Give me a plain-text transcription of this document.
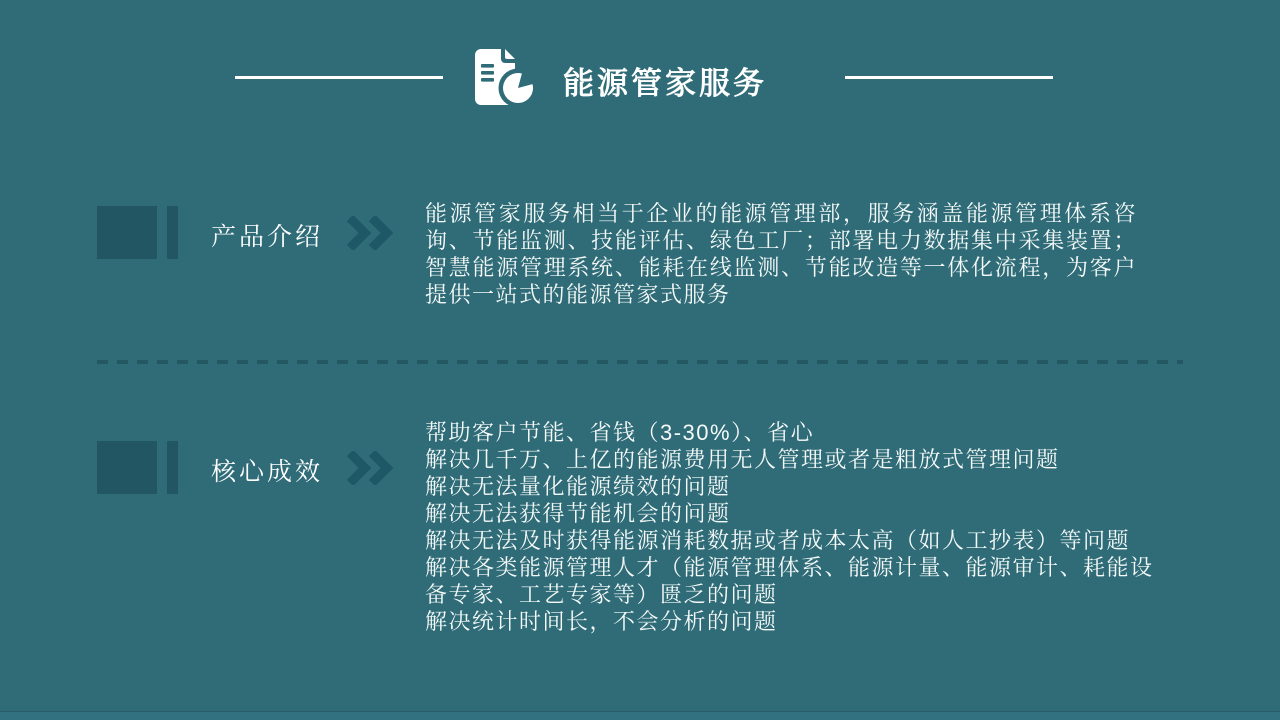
能源管家服务
产品介绍
能源管家服务相当于企业的能源管理部，服务涵盖能源管理体系咨询、节能监测、技能评估、绿色工厂；部署电力数据集中采集装置；智慧能源管理系统、能耗在线监测、节能改造等一体化流程，为客户提供一站式的能源管家式服务
核心成效
帮助客户节能、省钱（3-30%）、省心
解决几千万、上亿的能源费用无人管理或者是粗放式管理问题
解决无法量化能源绩效的问题
解决无法获得节能机会的问题
解决无法及时获得能源消耗数据或者成本太高（如人工抄表）等问题
解决各类能源管理人才（能源管理体系、能源计量、能源审计、耗能设备专家、工艺专家等）匮乏的问题
解决统计时间长，不会分析的问题
